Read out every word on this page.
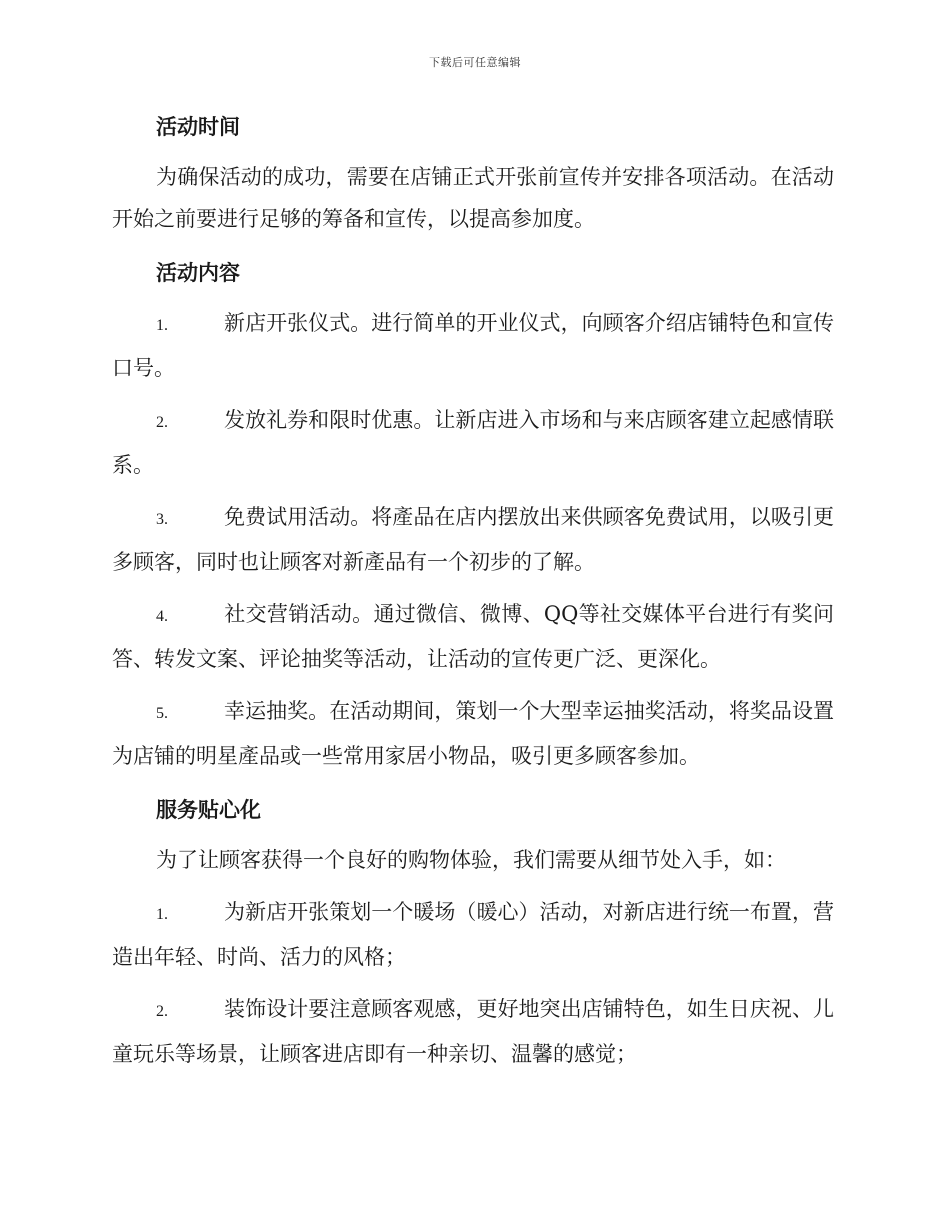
下载后可任意编辑
活动时间

为确保活动的成功，需要在店铺正式开张前宣传并安排各项活动。在活动开始之前要进行足够的筹备和宣传，以提高参加度。

活动内容

1.	新店开张仪式。进行简单的开业仪式，向顾客介绍店铺特色和宣传口号。

2.	发放礼券和限时优惠。让新店进入市场和与来店顾客建立起感情联系。

3.	免费试用活动。将產品在店内摆放出来供顾客免费试用，以吸引更多顾客，同时也让顾客对新產品有一个初步的了解。

4.	社交营销活动。通过微信、微博、QQ等社交媒体平台进行有奖问答、转发文案、评论抽奖等活动，让活动的宣传更广泛、更深化。

5.	幸运抽奖。在活动期间，策划一个大型幸运抽奖活动，将奖品设置为店铺的明星產品或一些常用家居小物品，吸引更多顾客参加。

服务贴心化

为了让顾客获得一个良好的购物体验，我们需要从细节处入手，如：

1.	为新店开张策划一个暖场（暖心）活动，对新店进行统一布置，营造出年轻、时尚、活力的风格；

2.	装饰设计要注意顾客观感，更好地突出店铺特色，如生日庆祝、儿童玩乐等场景，让顾客进店即有一种亲切、温馨的感觉；
